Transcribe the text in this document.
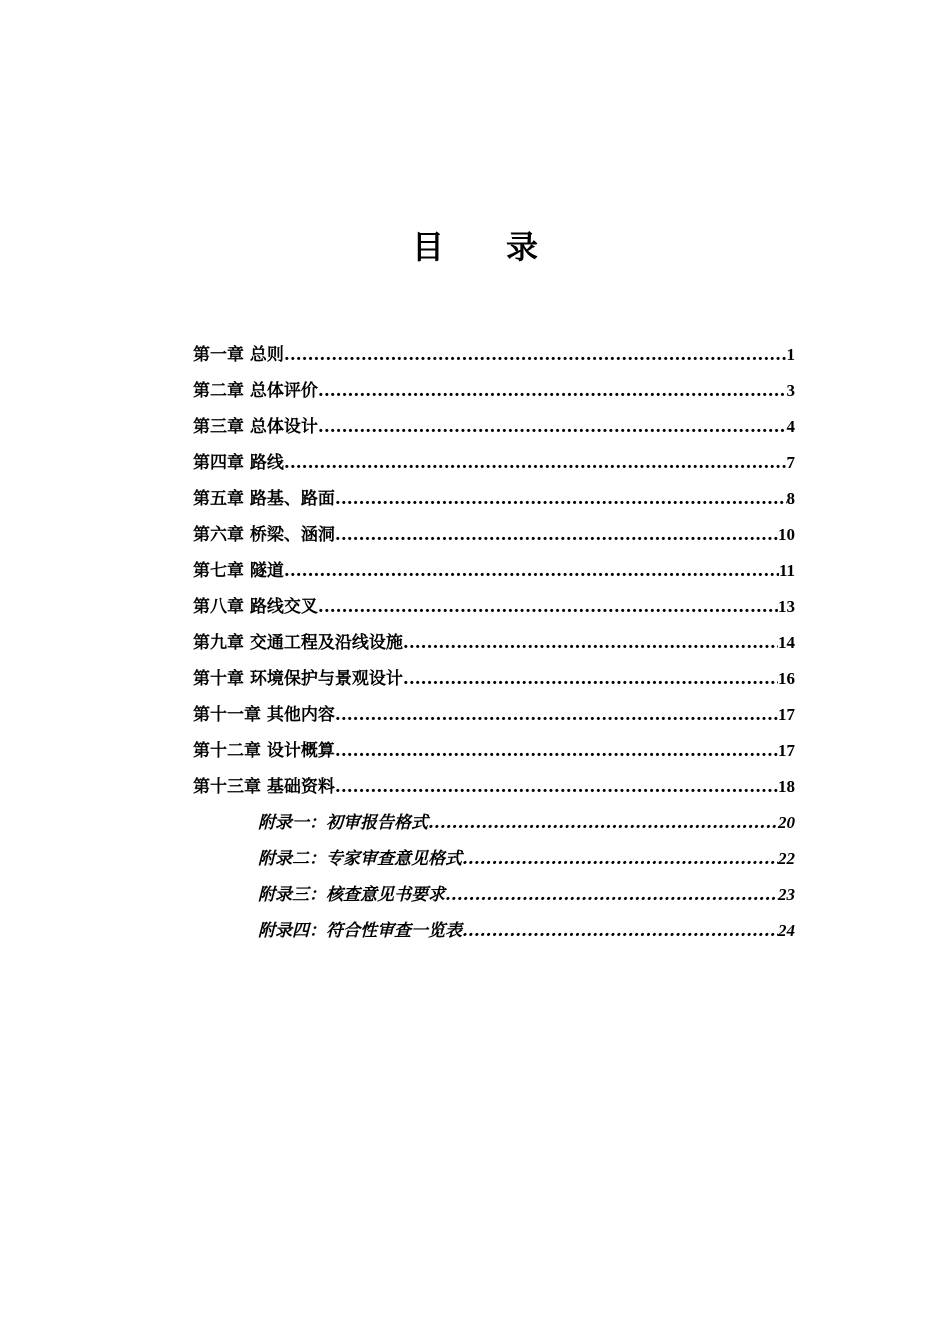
目 录
第一章 总则 .....	1
第二章 总体评价 .....	3
第三章 总体设计 .....	4
第四章 路线 .....	7
第五章 路基、路面 .....	8
第六章 桥梁、涵洞 .....	10
第七章 隧道 .....	11
第八章 路线交叉 .....	13
第九章 交通工程及沿线设施 .....	14
第十章 环境保护与景观设计 .....	16
第十一章 其他内容 .....	17
第十二章 设计概算 .....	17
第十三章 基础资料 .....	18
附录一：初审报告格式 .....	20
附录二：专家审查意见格式 .....	22
附录三：核查意见书要求 .....	23
附录四：符合性审查一览表 .....	24
